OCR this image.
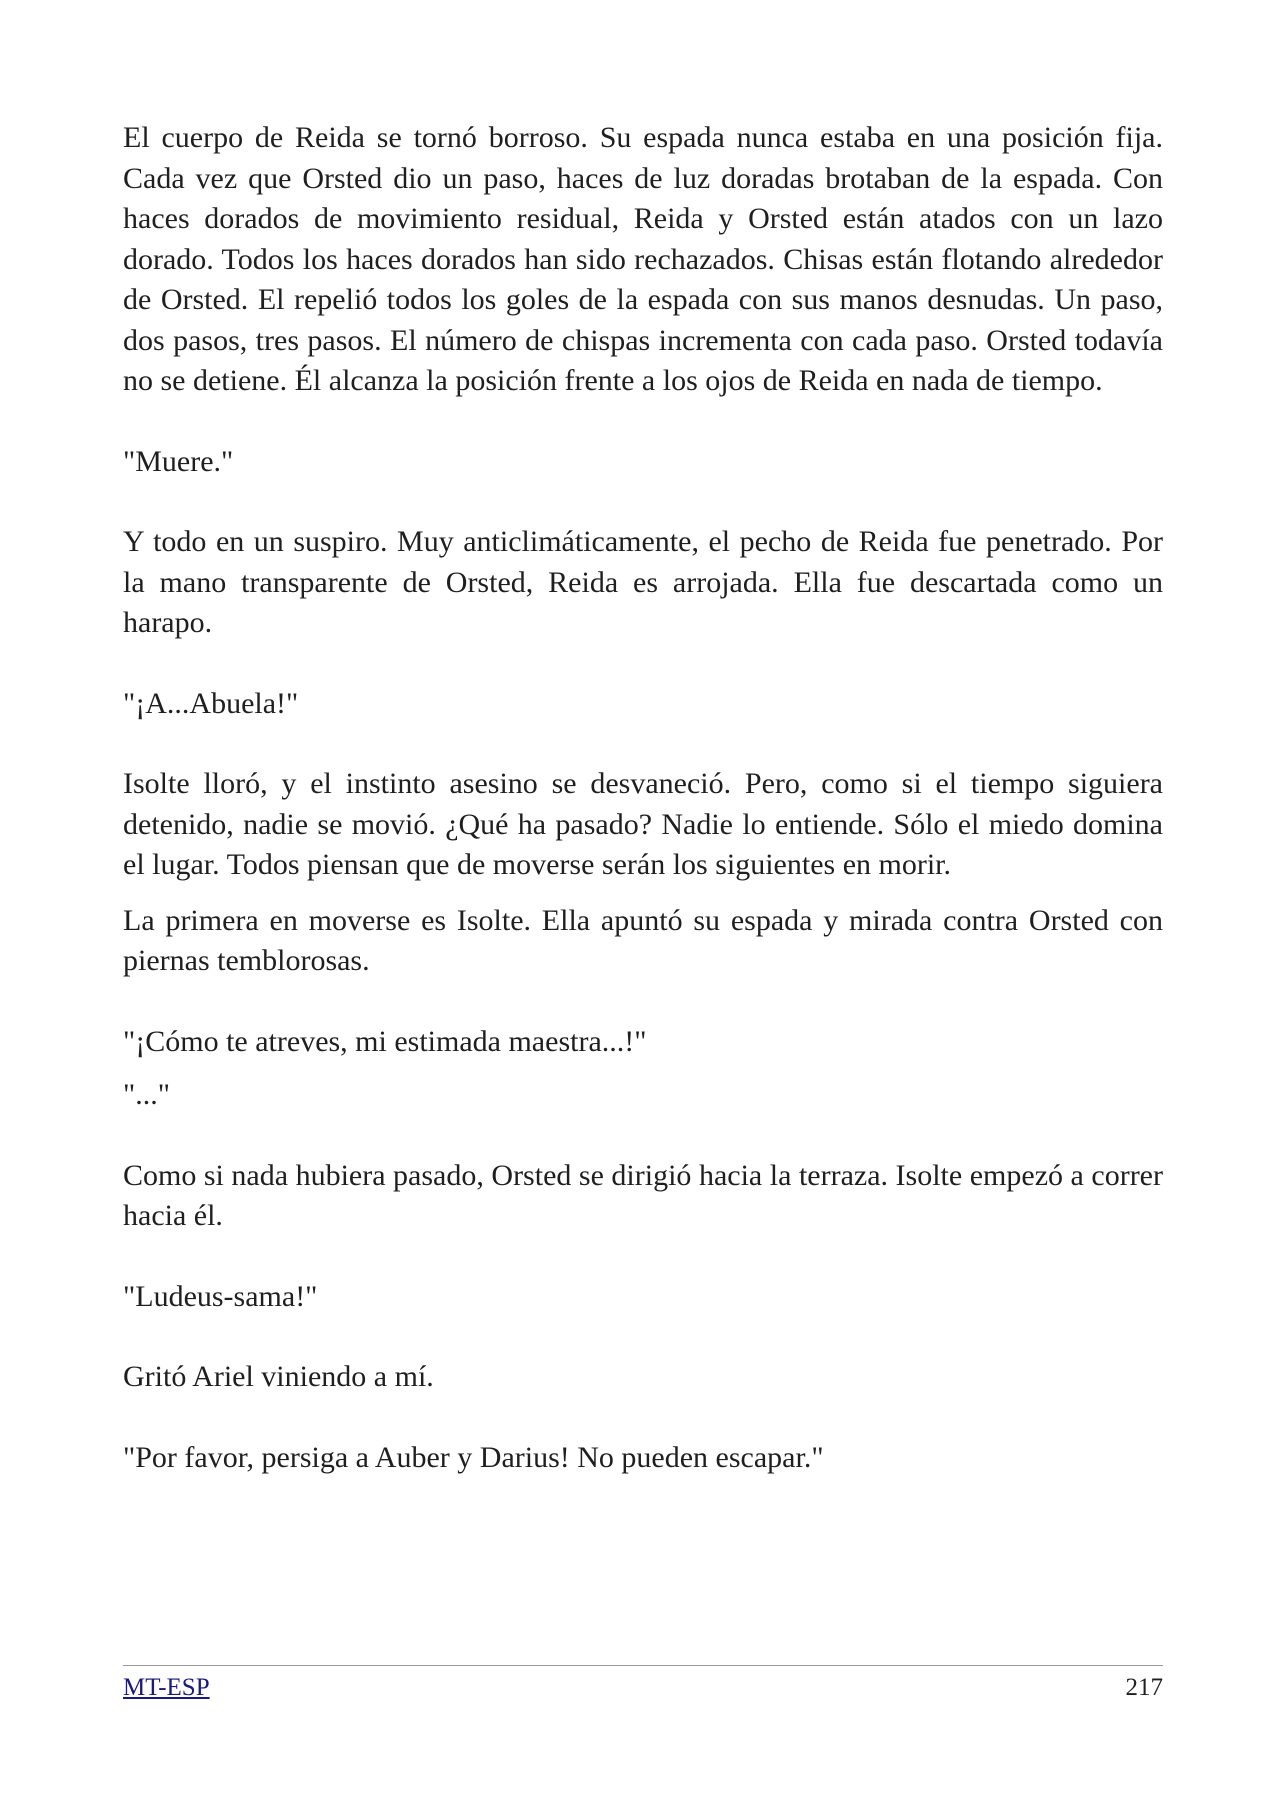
El cuerpo de Reida se tornó borroso. Su espada nunca estaba en una posición fija. Cada vez que Orsted dio un paso, haces de luz doradas brotaban de la espada. Con haces dorados de movimiento residual, Reida y Orsted están atados con un lazo dorado. Todos los haces dorados han sido rechazados. Chisas están flotando alrededor de Orsted. El repelió todos los goles de la espada con sus manos desnudas. Un paso, dos pasos, tres pasos. El número de chispas incrementa con cada paso. Orsted todavía no se detiene. Él alcanza la posición frente a los ojos de Reida en nada de tiempo.

"Muere."

Y todo en un suspiro. Muy anticlimáticamente, el pecho de Reida fue penetrado. Por la mano transparente de Orsted, Reida es arrojada. Ella fue descartada como un harapo.

"¡A...Abuela!"

Isolte lloró, y el instinto asesino se desvaneció. Pero, como si el tiempo siguiera detenido, nadie se movió. ¿Qué ha pasado? Nadie lo entiende. Sólo el miedo domina el lugar. Todos piensan que de moverse serán los siguientes en morir.

La primera en moverse es Isolte. Ella apuntó su espada y mirada contra Orsted con piernas temblorosas.

"¡Cómo te atreves, mi estimada maestra...!"

"..."

Como si nada hubiera pasado, Orsted se dirigió hacia la terraza. Isolte empezó a correr hacia él.

"Ludeus-sama!"

Gritó Ariel viniendo a mí.

"Por favor, persiga a Auber y Darius! No pueden escapar."

MT-ESP	217
